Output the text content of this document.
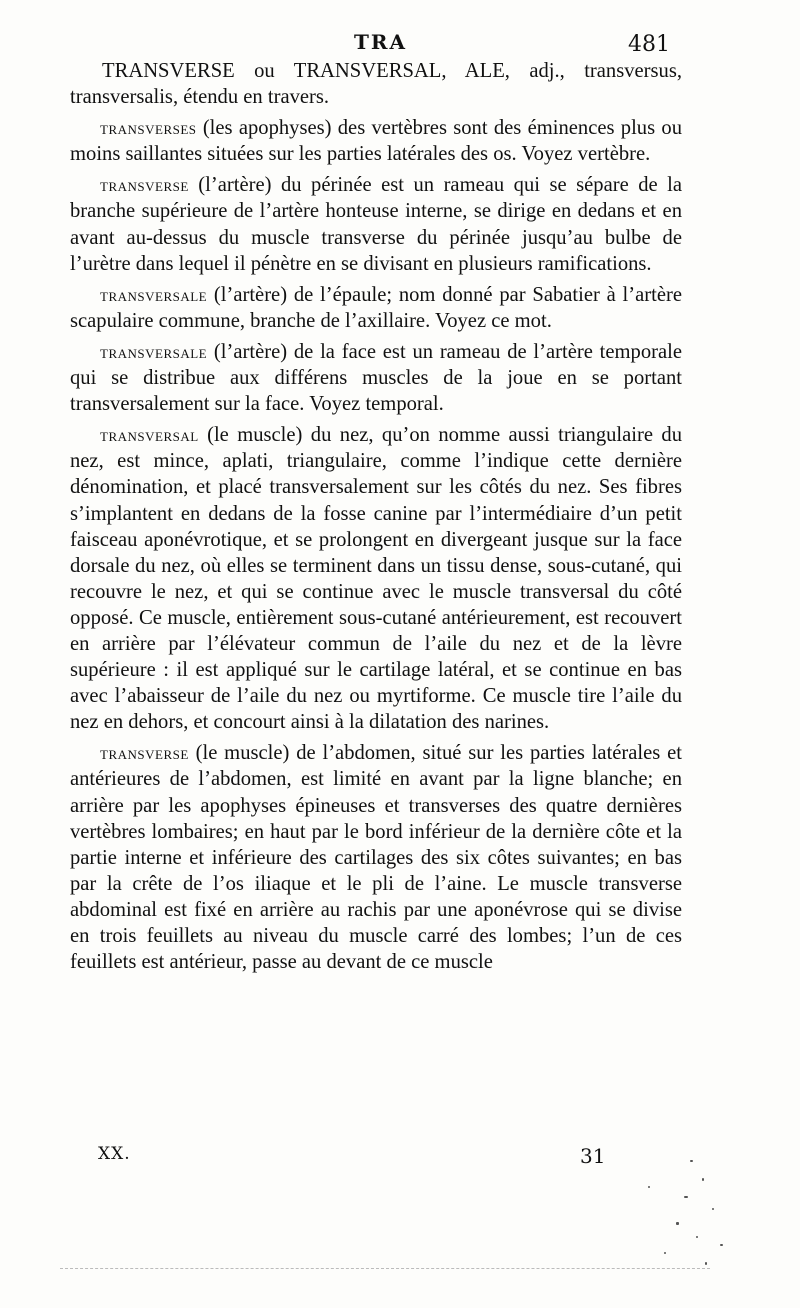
TRA	481

TRANSVERSE ou TRANSVERSAL, ALE, adj., transversus, transversalis, étendu en travers.

transverses (les apophyses) des vertèbres sont des éminences plus ou moins saillantes situées sur les parties latérales des os. Voyez vertèbre.

transverse (l’artère) du périnée est un rameau qui se sépare de la branche supérieure de l’artère honteuse interne, se dirige en dedans et en avant au-dessus du muscle transverse du périnée jusqu’au bulbe de l’urètre dans lequel il pénètre en se divisant en plusieurs ramifications.

transversale (l’artère) de l’épaule; nom donné par Sabatier à l’artère scapulaire commune, branche de l’axillaire. Voyez ce mot.

transversale (l’artère) de la face est un rameau de l’artère temporale qui se distribue aux différens muscles de la joue en se portant transversalement sur la face. Voyez temporal.

transversal (le muscle) du nez, qu’on nomme aussi triangulaire du nez, est mince, aplati, triangulaire, comme l’indique cette dernière dénomination, et placé transversalement sur les côtés du nez. Ses fibres s’implantent en dedans de la fosse canine par l’intermédiaire d’un petit faisceau aponévrotique, et se prolongent en divergeant jusque sur la face dorsale du nez, où elles se terminent dans un tissu dense, sous-cutané, qui recouvre le nez, et qui se continue avec le muscle transversal du côté opposé. Ce muscle, entièrement sous-cutané antérieurement, est recouvert en arrière par l’élévateur commun de l’aile du nez et de la lèvre supérieure : il est appliqué sur le cartilage latéral, et se continue en bas avec l’abaisseur de l’aile du nez ou myrtiforme. Ce muscle tire l’aile du nez en dehors, et concourt ainsi à la dilatation des narines.

transverse (le muscle) de l’abdomen, situé sur les parties latérales et antérieures de l’abdomen, est limité en avant par la ligne blanche; en arrière par les apophyses épineuses et transverses des quatre dernières vertèbres lombaires; en haut par le bord inférieur de la dernière côte et la partie interne et inférieure des cartilages des six côtes suivantes; en bas par la crête de l’os iliaque et le pli de l’aine. Le muscle transverse abdominal est fixé en arrière au rachis par une aponévrose qui se divise en trois feuillets au niveau du muscle carré des lombes; l’un de ces feuillets est antérieur, passe au devant de ce muscle

XX.	31
